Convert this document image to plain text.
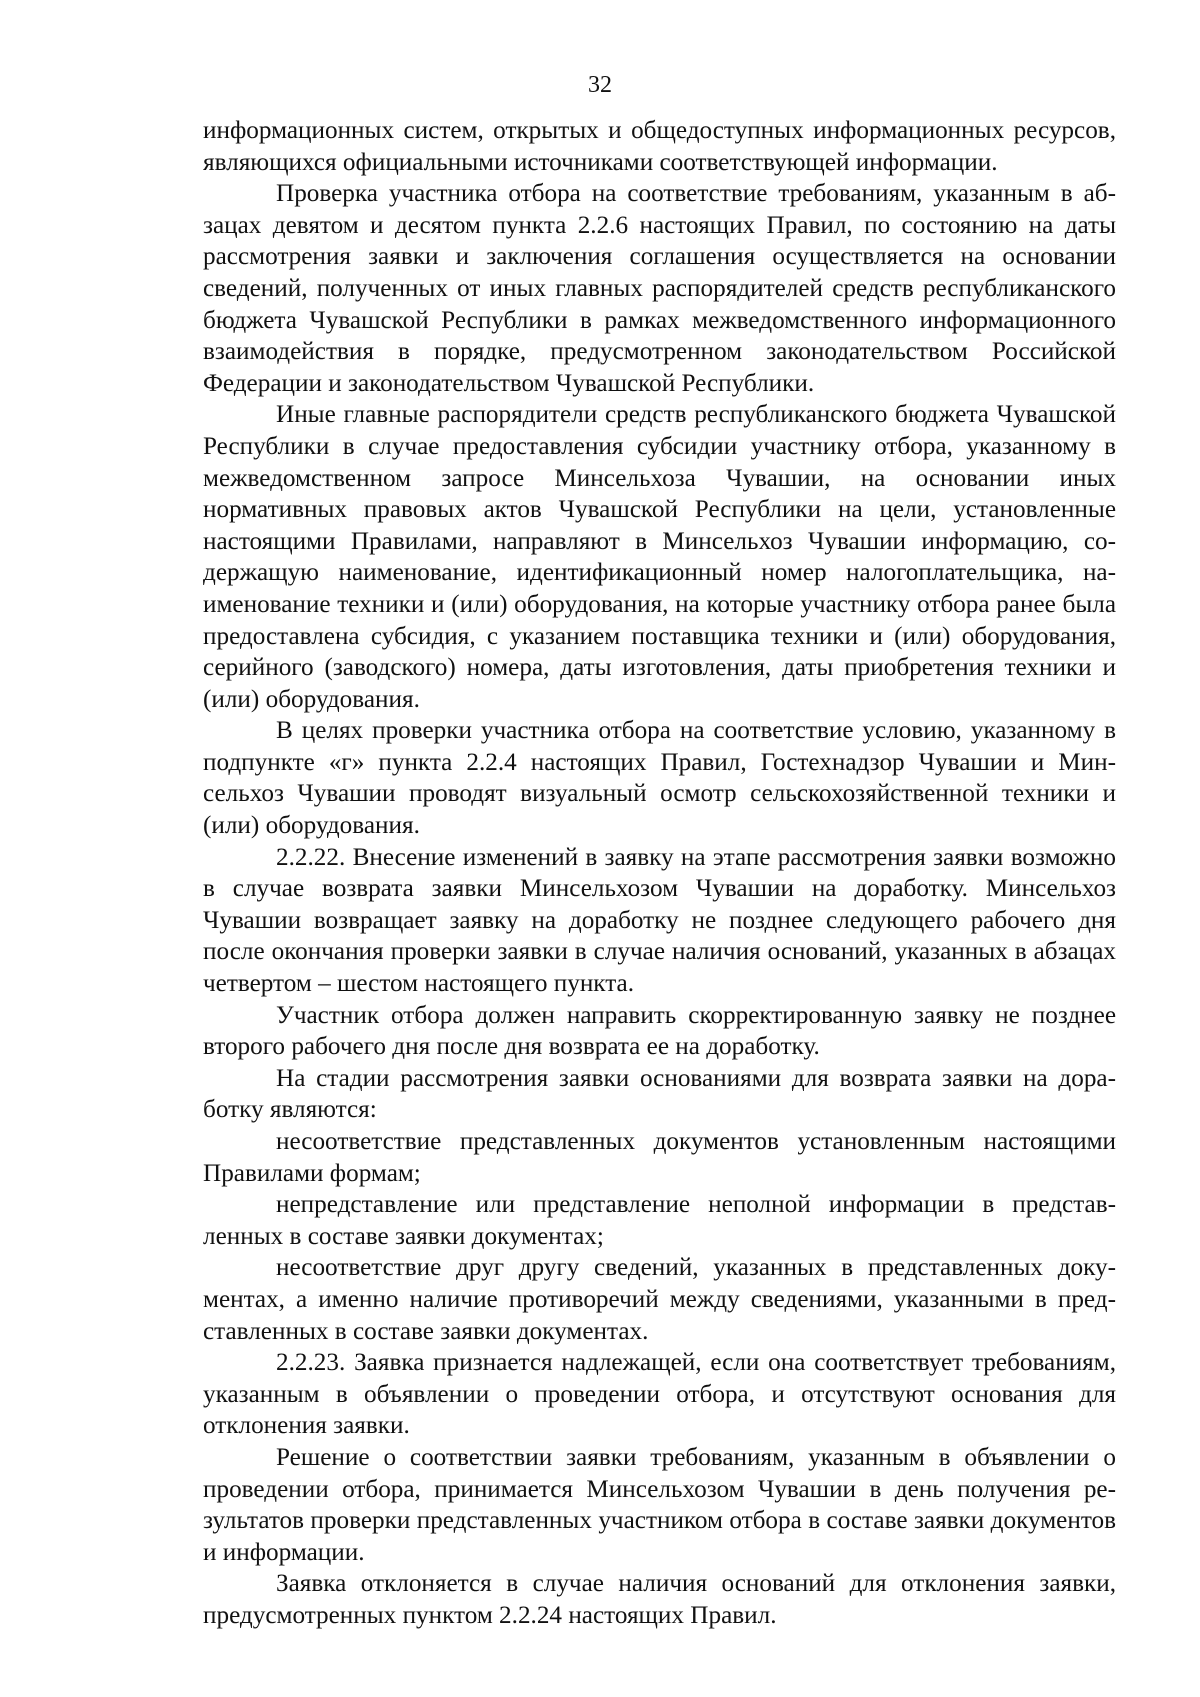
32

информационных систем, открытых и общедоступных информационных ресурсов, являющихся официальными источниками соответствующей информации.

Проверка участника отбора на соответствие требованиям, указанным в абзацах девятом и десятом пункта 2.2.6 настоящих Правил, по состоянию на даты рассмотрения заявки и заключения соглашения осуществляется на основании сведений, полученных от иных главных распорядителей средств республиканского бюджета Чувашской Республики в рамках межведомственного информационного взаимодействия в порядке, предусмотренном законодательством Российской Федерации и законодательством Чувашской Республики.

Иные главные распорядители средств республиканского бюджета Чувашской Республики в случае предоставления субсидии участнику отбора, указанному в межведомственном запросе Минсельхоза Чувашии, на основании иных нормативных правовых актов Чувашской Республики на цели, установленные настоящими Правилами, направляют в Минсельхоз Чувашии информацию, содержащую наименование, идентификационный номер налогоплательщика, наименование техники и (или) оборудования, на которые участнику отбора ранее была предоставлена субсидия, с указанием поставщика техники и (или) оборудования, серийного (заводского) номера, даты изготовления, даты приобретения техники и (или) оборудования.

В целях проверки участника отбора на соответствие условию, указанному в подпункте «г» пункта 2.2.4 настоящих Правил, Гостехнадзор Чувашии и Минсельхоз Чувашии проводят визуальный осмотр сельскохозяйственной техники и (или) оборудования.

2.2.22. Внесение изменений в заявку на этапе рассмотрения заявки возможно в случае возврата заявки Минсельхозом Чувашии на доработку. Минсельхоз Чувашии возвращает заявку на доработку не позднее следующего рабочего дня после окончания проверки заявки в случае наличия оснований, указанных в абзацах четвертом – шестом настоящего пункта.

Участник отбора должен направить скорректированную заявку не позднее второго рабочего дня после дня возврата ее на доработку.

На стадии рассмотрения заявки основаниями для возврата заявки на доработку являются:

несоответствие представленных документов установленным настоящими Правилами формам;

непредставление или представление неполной информации в представленных в составе заявки документах;

несоответствие друг другу сведений, указанных в представленных документах, а именно наличие противоречий между сведениями, указанными в представленных в составе заявки документах.

2.2.23. Заявка признается надлежащей, если она соответствует требованиям, указанным в объявлении о проведении отбора, и отсутствуют основания для отклонения заявки.

Решение о соответствии заявки требованиям, указанным в объявлении о проведении отбора, принимается Минсельхозом Чувашии в день получения результатов проверки представленных участником отбора в составе заявки документов и информации.

Заявка отклоняется в случае наличия оснований для отклонения заявки, предусмотренных пунктом 2.2.24 настоящих Правил.
